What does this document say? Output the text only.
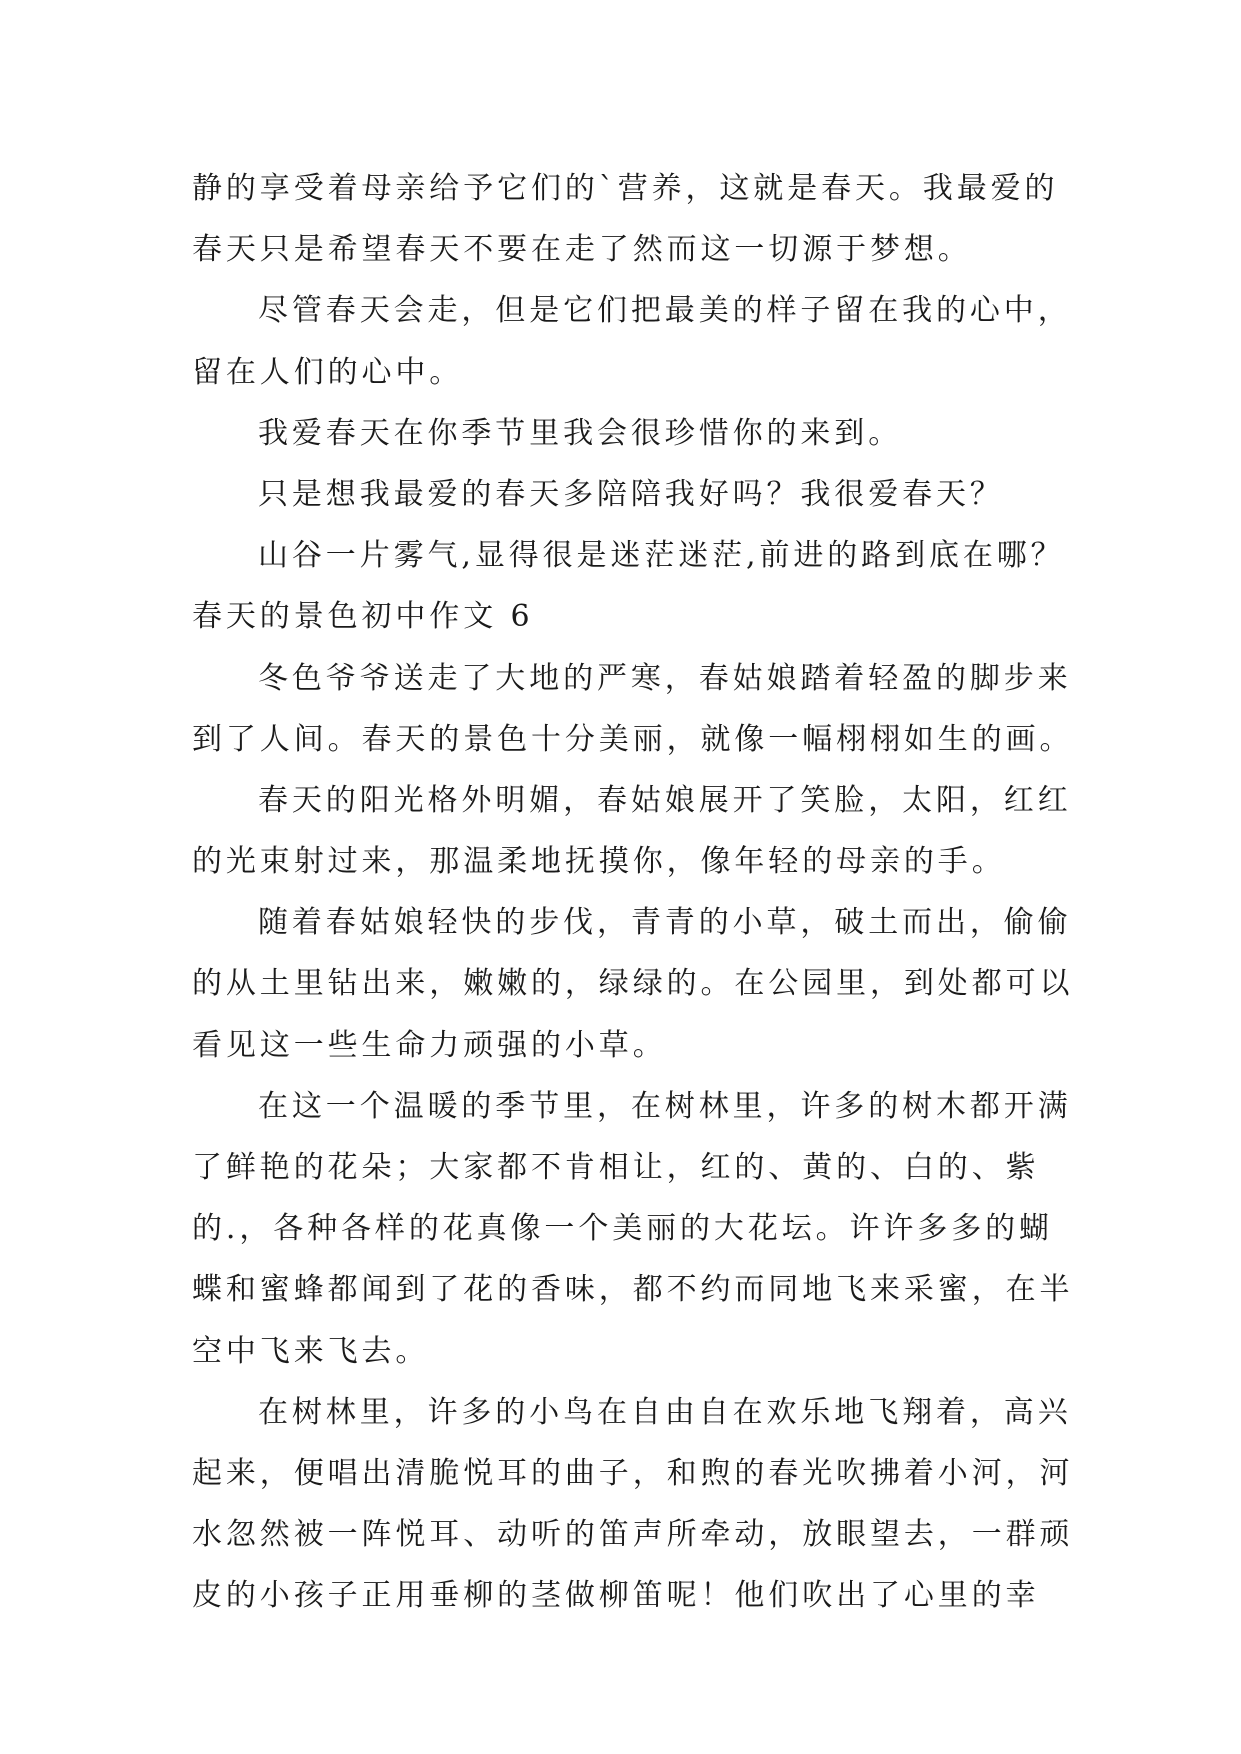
静的享受着母亲给予它们的`营养，这就是春天。我最爱的
春天只是希望春天不要在走了然而这一切源于梦想。
尽管春天会走，但是它们把最美的样子留在我的心中，
留在人们的心中。
我爱春天在你季节里我会很珍惜你的来到。
只是想我最爱的春天多陪陪我好吗？我很爱春天？
山谷一片雾气,显得很是迷茫迷茫,前进的路到底在哪？
春天的景色初中作文 6
冬色爷爷送走了大地的严寒，春姑娘踏着轻盈的脚步来
到了人间。春天的景色十分美丽，就像一幅栩栩如生的画。
春天的阳光格外明媚，春姑娘展开了笑脸，太阳，红红
的光束射过来，那温柔地抚摸你，像年轻的母亲的手。
随着春姑娘轻快的步伐，青青的小草，破土而出，偷偷
的从土里钻出来，嫩嫩的，绿绿的。在公园里，到处都可以
看见这一些生命力顽强的小草。
在这一个温暖的季节里，在树林里，许多的树木都开满
了鲜艳的花朵；大家都不肯相让，红的、黄的、白的、紫
的.，各种各样的花真像一个美丽的大花坛。许许多多的蝴
蝶和蜜蜂都闻到了花的香味，都不约而同地飞来采蜜，在半
空中飞来飞去。
在树林里，许多的小鸟在自由自在欢乐地飞翔着，高兴
起来，便唱出清脆悦耳的曲子，和煦的春光吹拂着小河，河
水忽然被一阵悦耳、动听的笛声所牵动，放眼望去，一群顽
皮的小孩子正用垂柳的茎做柳笛呢！他们吹出了心里的幸
